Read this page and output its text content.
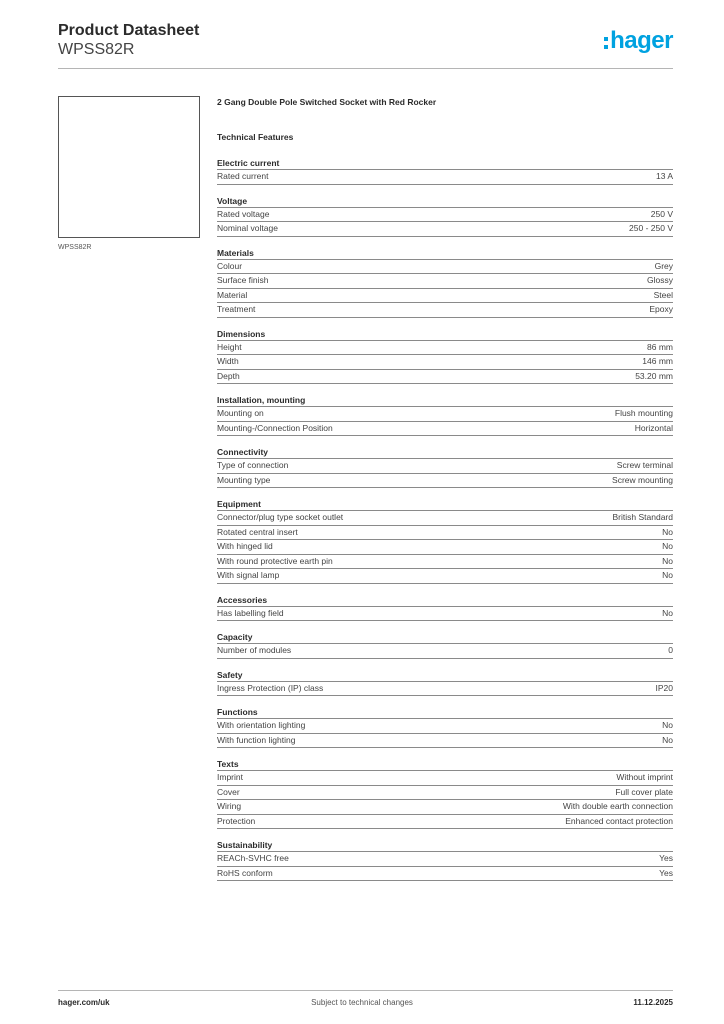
Product Datasheet
WPSS82R	hager
WPSS82R
2 Gang Double Pole Switched Socket with Red Rocker
Technical Features
Electric current
Rated current	13 A
Voltage
Rated voltage	250 V
Nominal voltage	250 - 250 V
Materials
Colour	Grey
Surface finish	Glossy
Material	Steel
Treatment	Epoxy
Dimensions
Height	86 mm
Width	146 mm
Depth	53.20 mm
Installation, mounting
Mounting on	Flush mounting
Mounting-/Connection Position	Horizontal
Connectivity
Type of connection	Screw terminal
Mounting type	Screw mounting
Equipment
Connector/plug type socket outlet	British Standard
Rotated central insert	No
With hinged lid	No
With round protective earth pin	No
With signal lamp	No
Accessories
Has labelling field	No
Capacity
Number of modules	0
Safety
Ingress Protection (IP) class	IP20
Functions
With orientation lighting	No
With function lighting	No
Texts
Imprint	Without imprint
Cover	Full cover plate
Wiring	With double earth connection
Protection	Enhanced contact protection
Sustainability
REACh-SVHC free	Yes
RoHS conform	Yes
hager.com/uk	Subject to technical changes	11.12.2025
